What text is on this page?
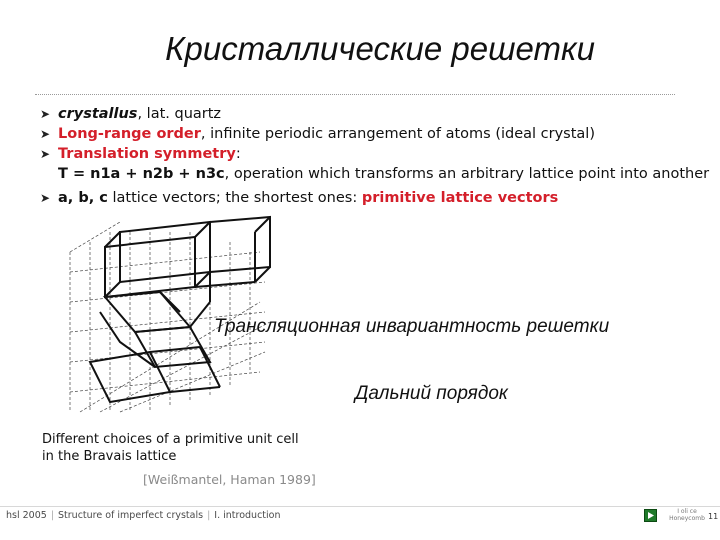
Кристаллические решетки
➤ crystallus, lat. quartz
➤ Long-range order, infinite periodic arrangement of atoms (ideal crystal)
➤ Translation symmetry:
T = n1a + n2b + n3c, operation which transforms an arbitrary lattice point into another
➤ a, b, c lattice vectors; the shortest ones: primitive lattice vectors
Трансляционная инвариантность решетки
Дальний порядок
Different choices of a primitive unit cell
in the Bravais lattice
[Weißmantel, Haman 1989]
hsl 2005 | Structure of imperfect crystals | I. introduction	I oli ce
Honeycomb 11
